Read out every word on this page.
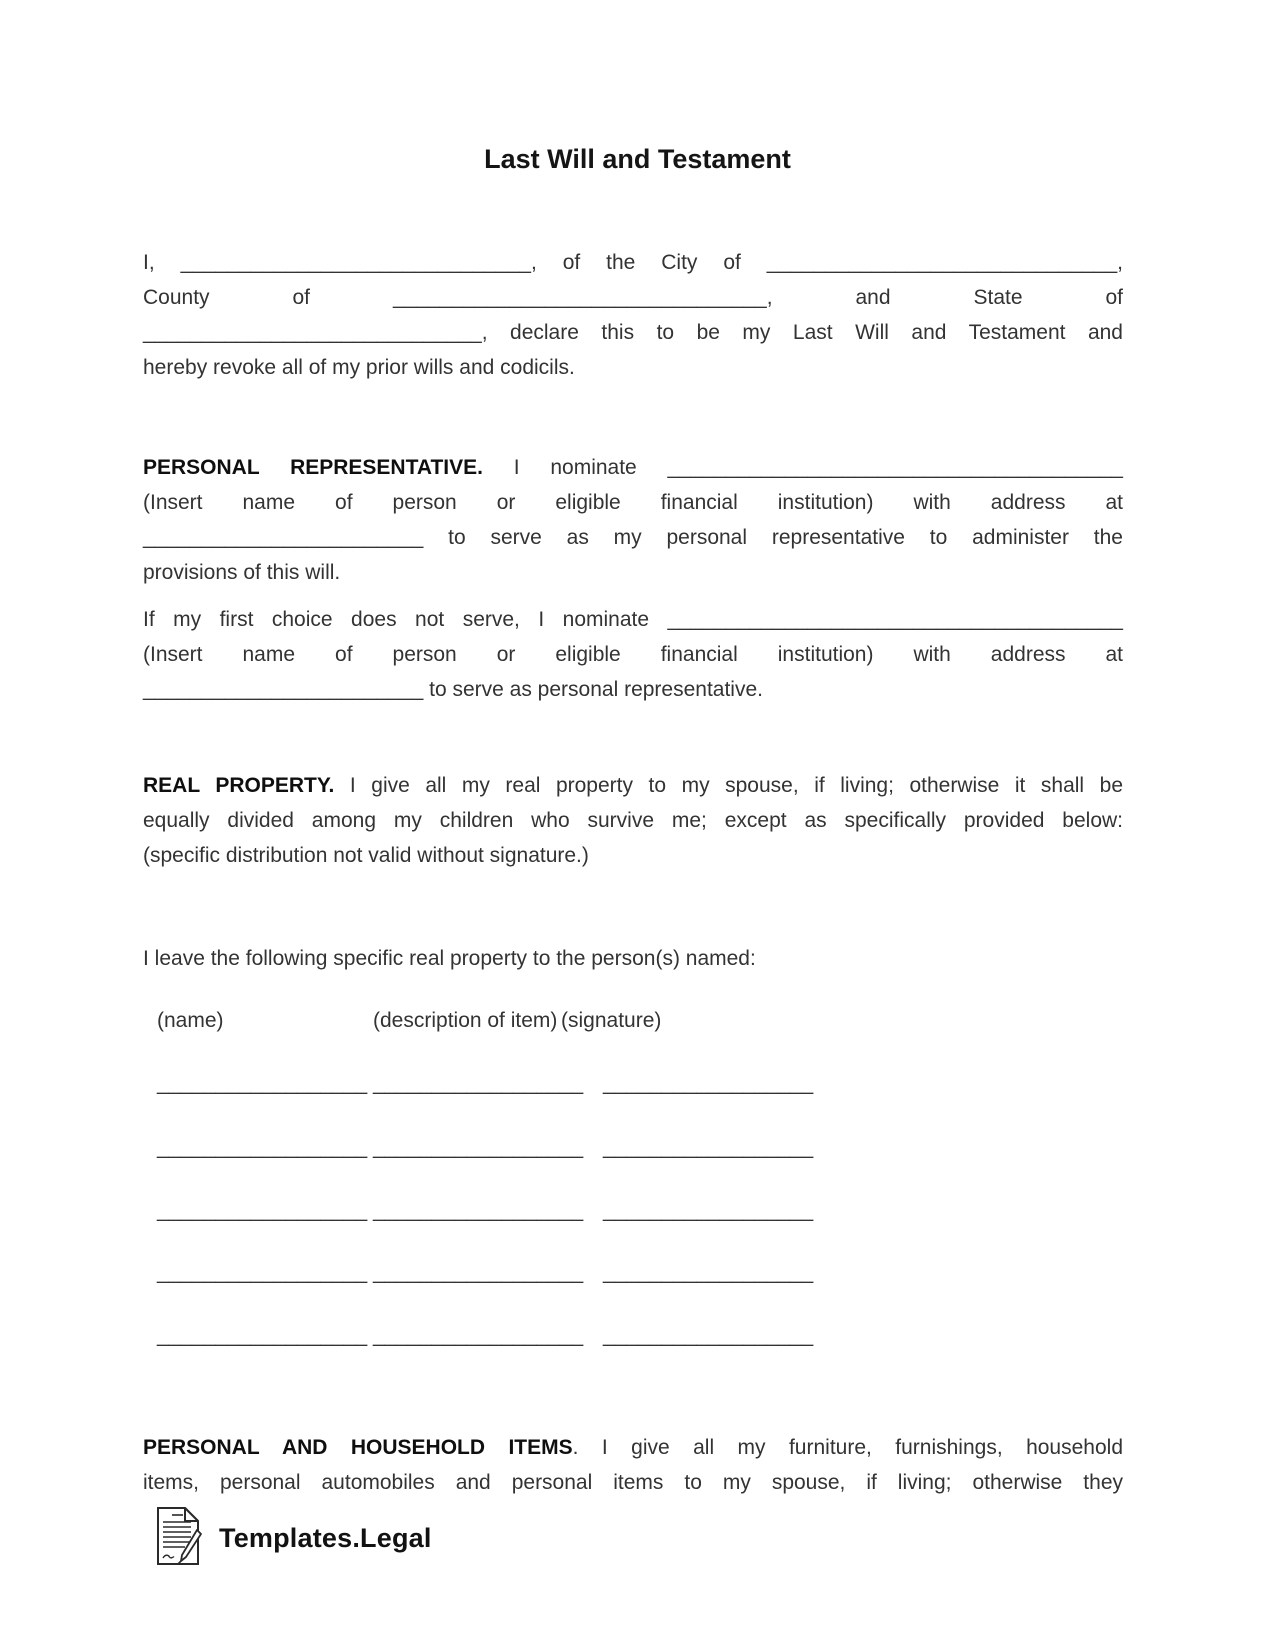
Last Will and Testament
I, ______________________________, of the City of ______________________________,
County of ________________________________, and State of
_____________________________, declare this to be my Last Will and Testament and
hereby revoke all of my prior wills and codicils.
PERSONAL REPRESENTATIVE. I nominate _______________________________________
(Insert name of person or eligible financial institution) with address at
________________________ to serve as my personal representative to administer the
provisions of this will.
If my first choice does not serve, I nominate _______________________________________
(Insert name of person or eligible financial institution) with address at
________________________ to serve as personal representative.
REAL PROPERTY. I give all my real property to my spouse, if living; otherwise it shall be
equally divided among my children who survive me; except as specifically provided below:
(specific distribution not valid without signature.)
I leave the following specific real property to the person(s) named:
(name)	(description of item) (signature)
__________________ __________________ __________________
__________________ __________________ __________________
__________________ __________________ __________________
__________________ __________________ __________________
__________________ __________________ __________________
PERSONAL AND HOUSEHOLD ITEMS. I give all my furniture, furnishings, household
items, personal automobiles and personal items to my spouse, if living; otherwise they
Templates.Legal
